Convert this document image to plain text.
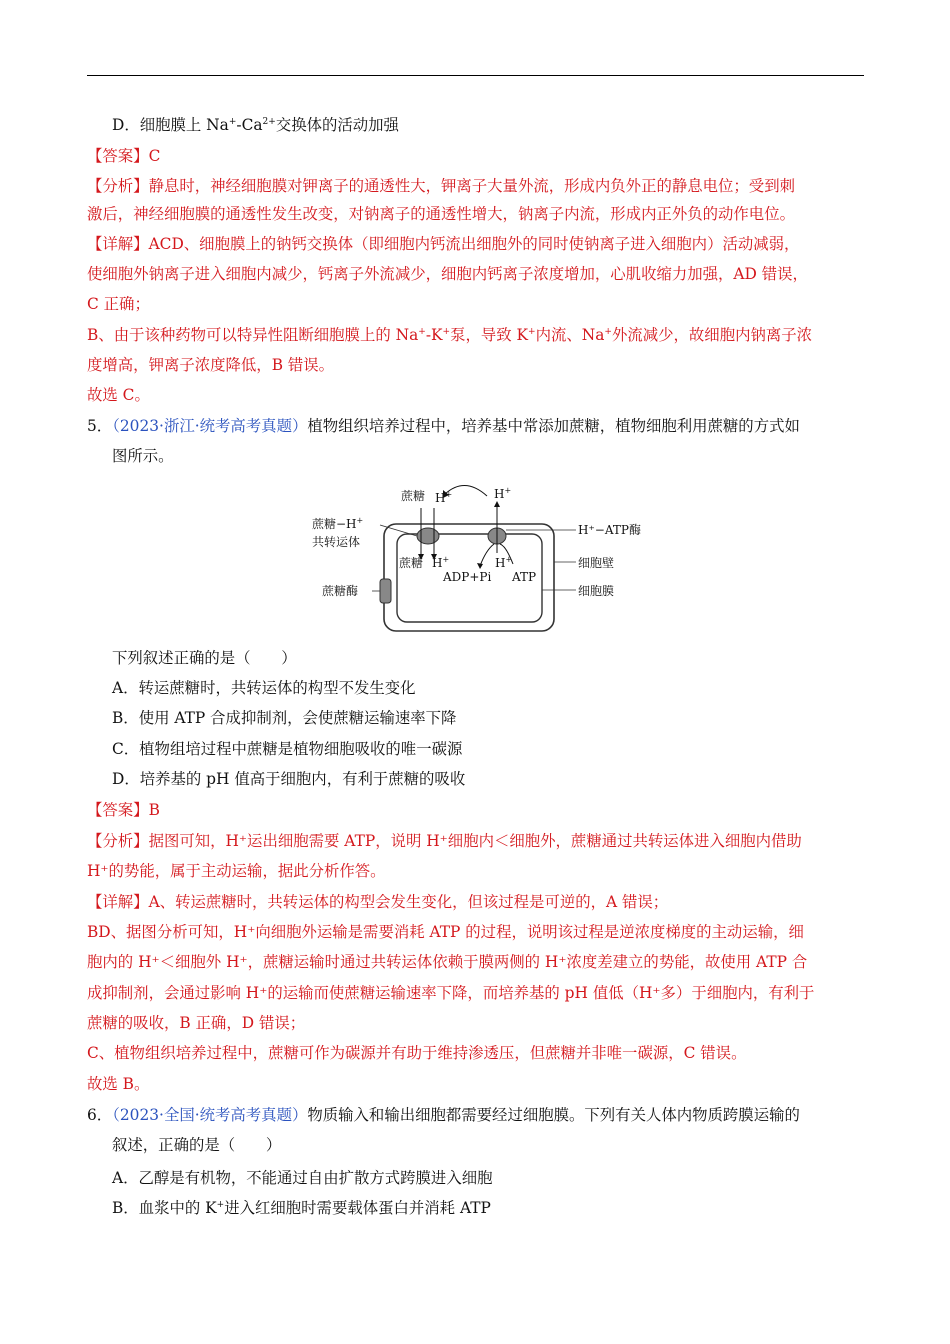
D．细胞膜上 $Na^+-Ca^{2+}$交换体的活动加强
【答案】C
【分析】静息时，神经细胞膜对钾离子的通透性大，钾离子大量外流，形成内负外正的静息电位；受到刺
激后，神经细胞膜的通透性发生改变，对钠离子的通透性增大，钠离子内流，形成内正外负的动作电位。
【详解】ACD、细胞膜上的钠钙交换体（即细胞内钙流出细胞外的同时使钠离子进入细胞内）活动减弱，
使细胞外钠离子进入细胞内减少，钙离子外流减少，细胞内钙离子浓度增加，心肌收缩力加强，AD 错误，
C 正确；
B、由于该种药物可以特异性阻断细胞膜上的 Na+-K+泵，导致 K+内流、Na+外流减少，故细胞内钠离子浓
度增高，钾离子浓度降低，B 错误。
故选 C。
5．（2023·浙江·统考高考真题）植物组织培养过程中，培养基中常添加蔗糖，植物细胞利用蔗糖的方式如
图所示。
蔗糖 H+	H+
蔗糖−H+
共转运体
蔗糖酶
蔗糖 H+	H+
ADP+Pi ATP
H⁺−ATP酶
细胞壁
细胞膜
下列叙述正确的是（　　）
A．转运蔗糖时，共转运体的构型不发生变化
B．使用 ATP 合成抑制剂，会使蔗糖运输速率下降
C．植物组培过程中蔗糖是植物细胞吸收的唯一碳源
D．培养基的 pH 值高于细胞内，有利于蔗糖的吸收
【答案】B
【分析】据图可知，H⁺运出细胞需要 ATP，说明 H⁺细胞内＜细胞外，蔗糖通过共转运体进入细胞内借助
H⁺的势能，属于主动运输，据此分析作答。
【详解】A、转运蔗糖时，共转运体的构型会发生变化，但该过程是可逆的，A 错误；
BD、据图分析可知，H⁺向细胞外运输是需要消耗 ATP 的过程，说明该过程是逆浓度梯度的主动运输，细
胞内的 H⁺＜细胞外 H⁺，蔗糖运输时通过共转运体依赖于膜两侧的 H⁺浓度差建立的势能，故使用 ATP 合
成抑制剂，会通过影响 H⁺的运输而使蔗糖运输速率下降，而培养基的 pH 值低（H⁺多）于细胞内，有利于
蔗糖的吸收，B 正确，D 错误；
C、植物组织培养过程中，蔗糖可作为碳源并有助于维持渗透压，但蔗糖并非唯一碳源，C 错误。
故选 B。
6．（2023·全国·统考高考真题）物质输入和输出细胞都需要经过细胞膜。下列有关人体内物质跨膜运输的
叙述，正确的是（　　）
A．乙醇是有机物，不能通过自由扩散方式跨膜进入细胞
B．血浆中的 K+进入红细胞时需要载体蛋白并消耗 ATP
